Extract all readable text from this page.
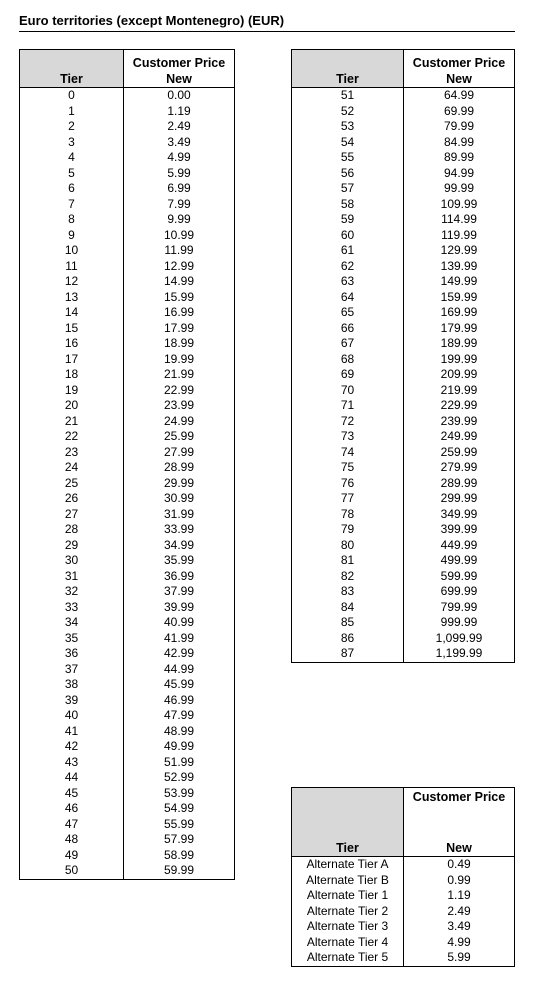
Euro territories (except Montenegro) (EUR)
Tier	Customer Price
New

0	0.00
1	1.19
2	2.49
3	3.49
4	4.99
5	5.99
6	6.99
7	7.99
8	9.99
9	10.99
10	11.99
11	12.99
12	14.99
13	15.99
14	16.99
15	17.99
16	18.99
17	19.99
18	21.99
19	22.99
20	23.99
21	24.99
22	25.99
23	27.99
24	28.99
25	29.99
26	30.99
27	31.99
28	33.99
29	34.99
30	35.99
31	36.99
32	37.99
33	39.99
34	40.99
35	41.99
36	42.99
37	44.99
38	45.99
39	46.99
40	47.99
41	48.99
42	49.99
43	51.99
44	52.99
45	53.99
46	54.99
47	55.99
48	57.99
49	58.99
50	59.99
Tier	Customer Price
New

51	64.99
52	69.99
53	79.99
54	84.99
55	89.99
56	94.99
57	99.99
58	109.99
59	114.99
60	119.99
61	129.99
62	139.99
63	149.99
64	159.99
65	169.99
66	179.99
67	189.99
68	199.99
69	209.99
70	219.99
71	229.99
72	239.99
73	249.99
74	259.99
75	279.99
76	289.99
77	299.99
78	349.99
79	399.99
80	449.99
81	499.99
82	599.99
83	699.99
84	799.99
85	999.99
86	1,099.99
87	1,199.99
	Customer Price
Tier	New
Alternate Tier A	0.49
Alternate Tier B	0.99
Alternate Tier 1	1.19
Alternate Tier 2	2.49
Alternate Tier 3	3.49
Alternate Tier 4	4.99
Alternate Tier 5	5.99
